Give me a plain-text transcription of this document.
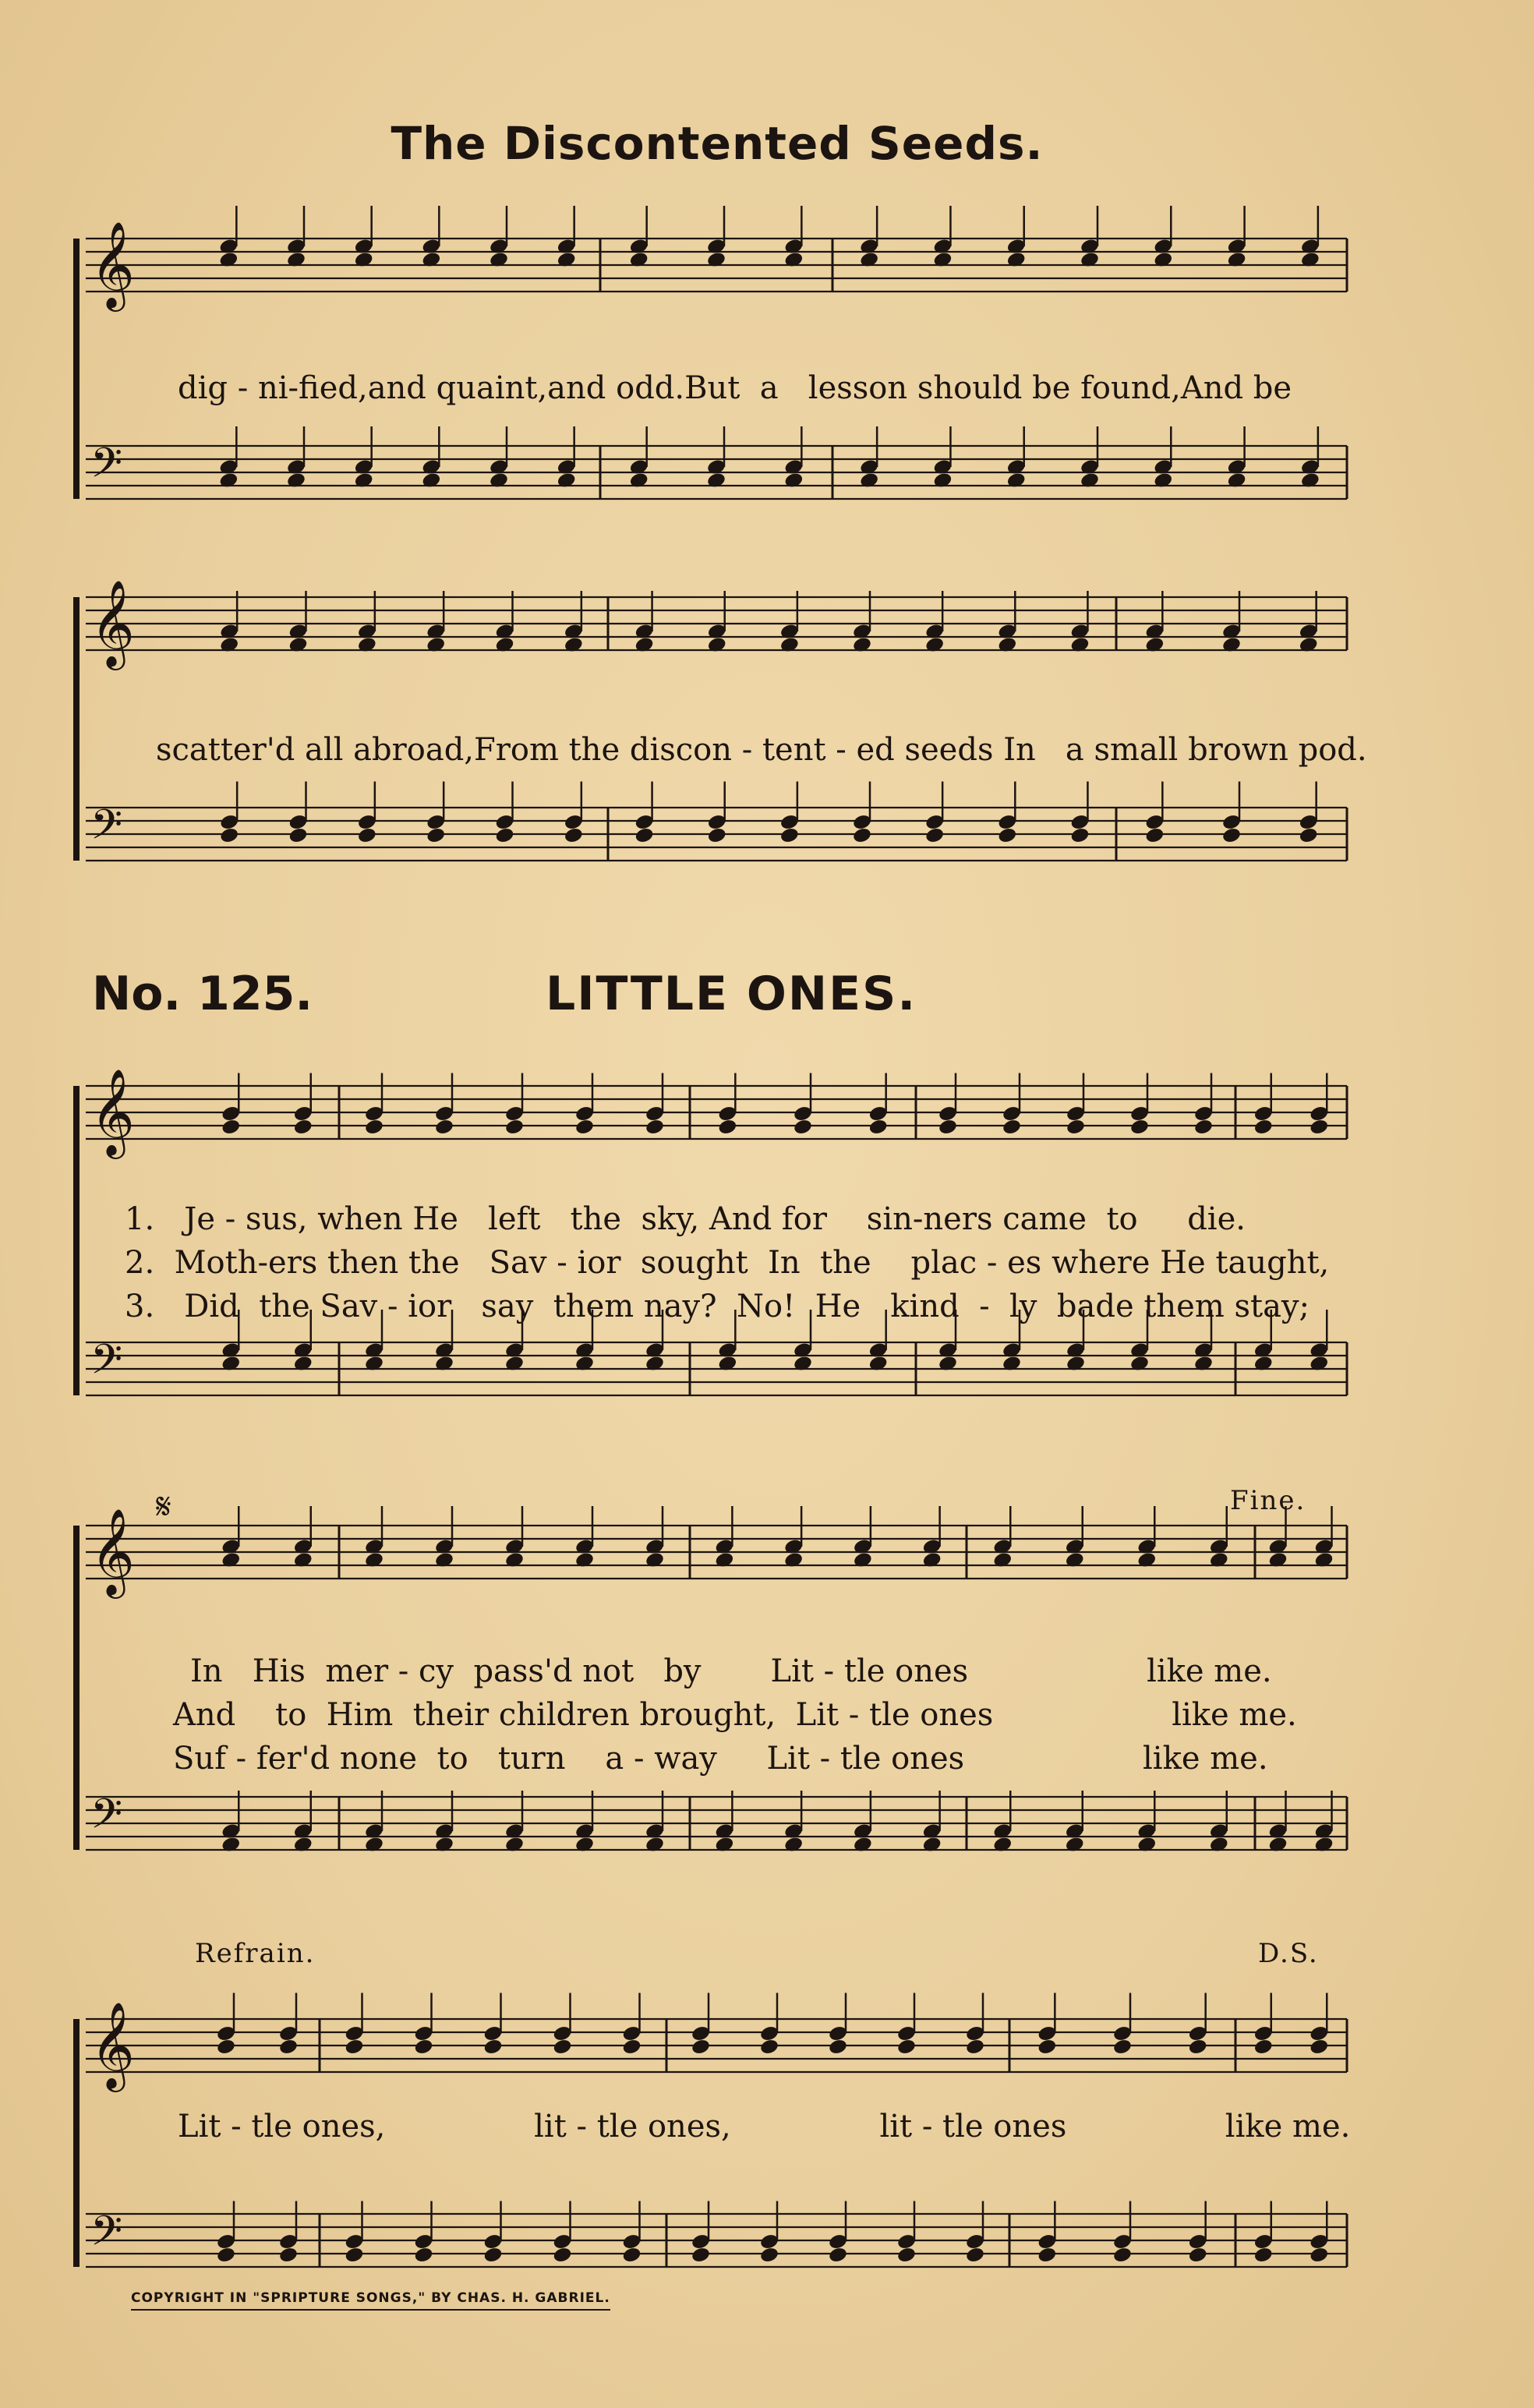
The Discontented Seeds.
𝄞
𝄢
𝄞
𝄢
𝄞
𝄢
𝄞
𝄢
𝄞
𝄢
dig - ni-fied,and quaint,and odd.But  a   lesson should be found,And be
scatter'd all abroad,From the discon - tent - ed seeds In   a small brown pod.
No. 125.	LITTLE ONES.
1.   Je - sus, when He   left   the  sky, And for    sin-ners came  to     die.
2.  Moth-ers then the   Sav - ior  sought  In  the    plac - es where He taught,
3.   Did  the Sav - ior   say  them nay?  No!  He   kind  -  ly  bade them stay;
𝄋	Fine.
In   His  mer - cy  pass'd not   by       Lit - tle ones                  like me.
And    to  Him  their children brought,  Lit - tle ones                  like me.
Suf - fer'd none  to   turn    a - way     Lit - tle ones                  like me.
Refrain.	D.S.
Lit - tle ones,               lit - tle ones,               lit - tle ones                like me.
COPYRIGHT IN "SPRIPTURE SONGS," BY CHAS. H. GABRIEL.
